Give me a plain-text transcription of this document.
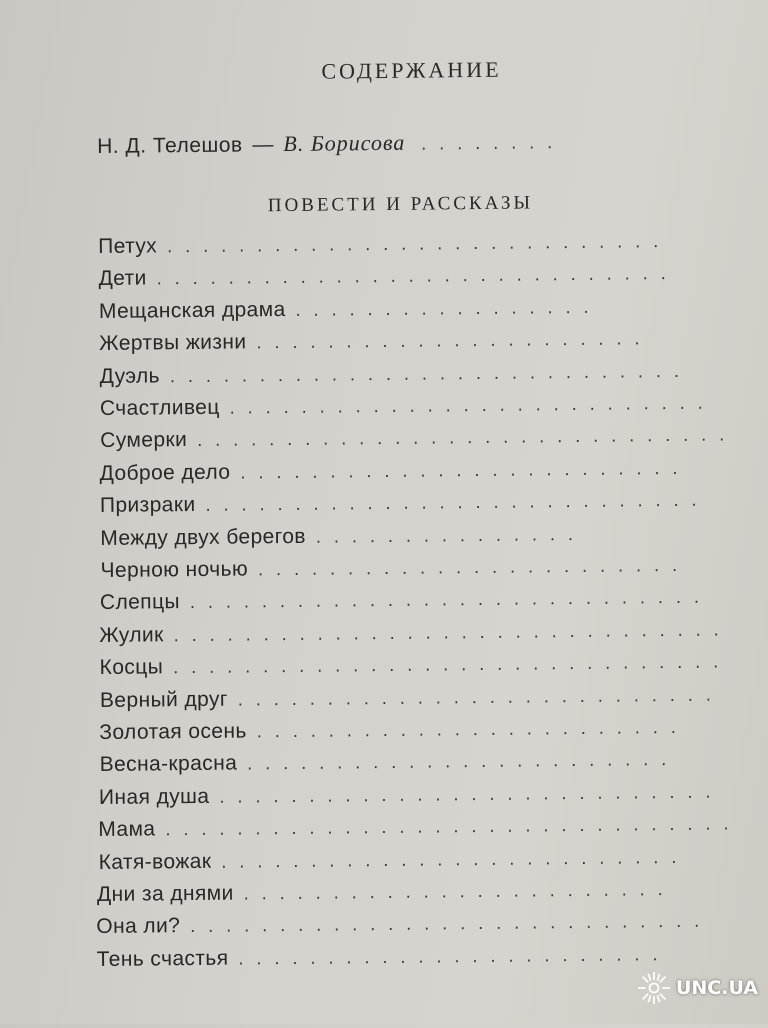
СОДЕРЖАНИЕ
Н. Д. Телешов — В. Борисова ........
ПОВЕСТИ И РАССКАЗЫ
Петух ............................
Дети .............................
Мещанская драма .................
Жертвы жизни ......................
Дуэль .............................
Счастливец ...........................
Сумерки ..............................
Доброе дело .........................
Призраки ............................
Между двух берегов ...............
Черною ночью ........................
Слепцы .............................
Жулик ...............................
Косцы ...............................
Верный друг ...........................
Золотая осень ........................
Весна-красна ........................
Иная душа ............................
Мама ................................
Катя-вожак ..........................
Дни за днями ........................
Она ли? .............................
Тень счастья ........................
UNC.UA
